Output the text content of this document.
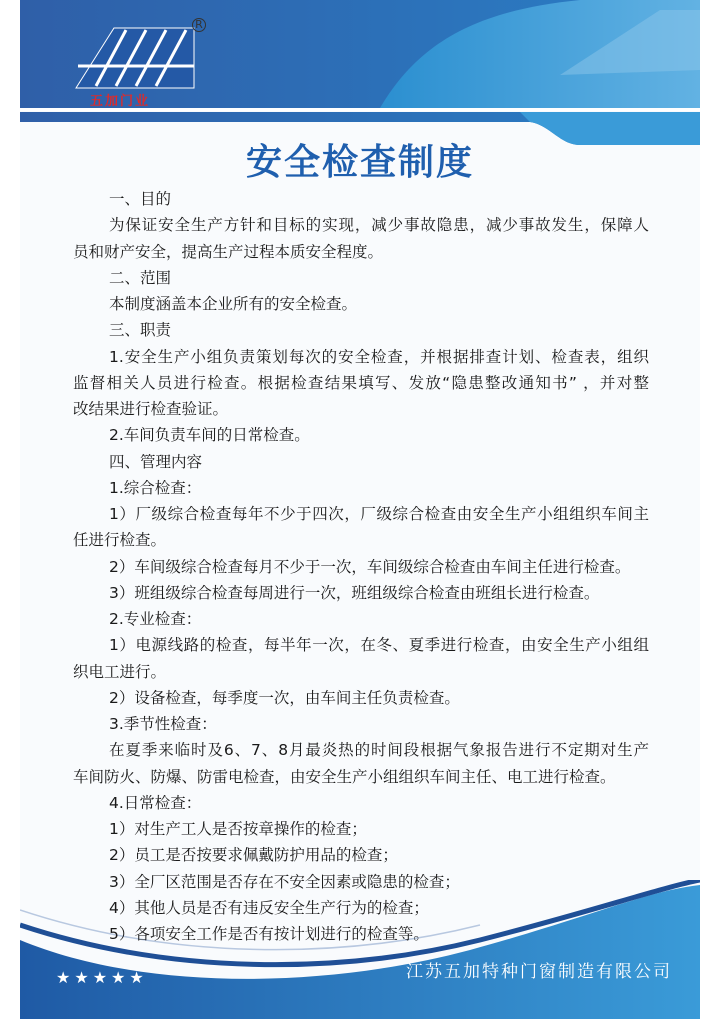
R
五加门业
安全检查制度
一、目的
为保证安全生产方针和目标的实现，减少事故隐患，减少事故发生，保障人
员和财产安全，提高生产过程本质安全程度。
二、范围
本制度涵盖本企业所有的安全检查。
三、职责
1.安全生产小组负责策划每次的安全检查，并根据排查计划、检查表，组织
监督相关人员进行检查。根据检查结果填写、发放“隐患整改通知书” ，并对整
改结果进行检查验证。
2.车间负责车间的日常检查。
四、管理内容
1.综合检查：
1）厂级综合检查每年不少于四次，厂级综合检查由安全生产小组组织车间主
任进行检查。
2）车间级综合检查每月不少于一次，车间级综合检查由车间主任进行检查。
3）班组级综合检查每周进行一次，班组级综合检查由班组长进行检查。
2.专业检查：
1）电源线路的检查，每半年一次，在冬、夏季进行检查，由安全生产小组组
织电工进行。
2）设备检查，每季度一次，由车间主任负责检查。
3.季节性检查：
在夏季来临时及6、7、8月最炎热的时间段根据气象报告进行不定期对生产
车间防火、防爆、防雷电检查，由安全生产小组组织车间主任、电工进行检查。
4.日常检查：
1）对生产工人是否按章操作的检查；
2）员工是否按要求佩戴防护用品的检查；
3）全厂区范围是否存在不安全因素或隐患的检查；
4）其他人员是否有违反安全生产行为的检查；
5）各项安全工作是否有按计划进行的检查等。
★★★★★	江苏五加特种门窗制造有限公司
